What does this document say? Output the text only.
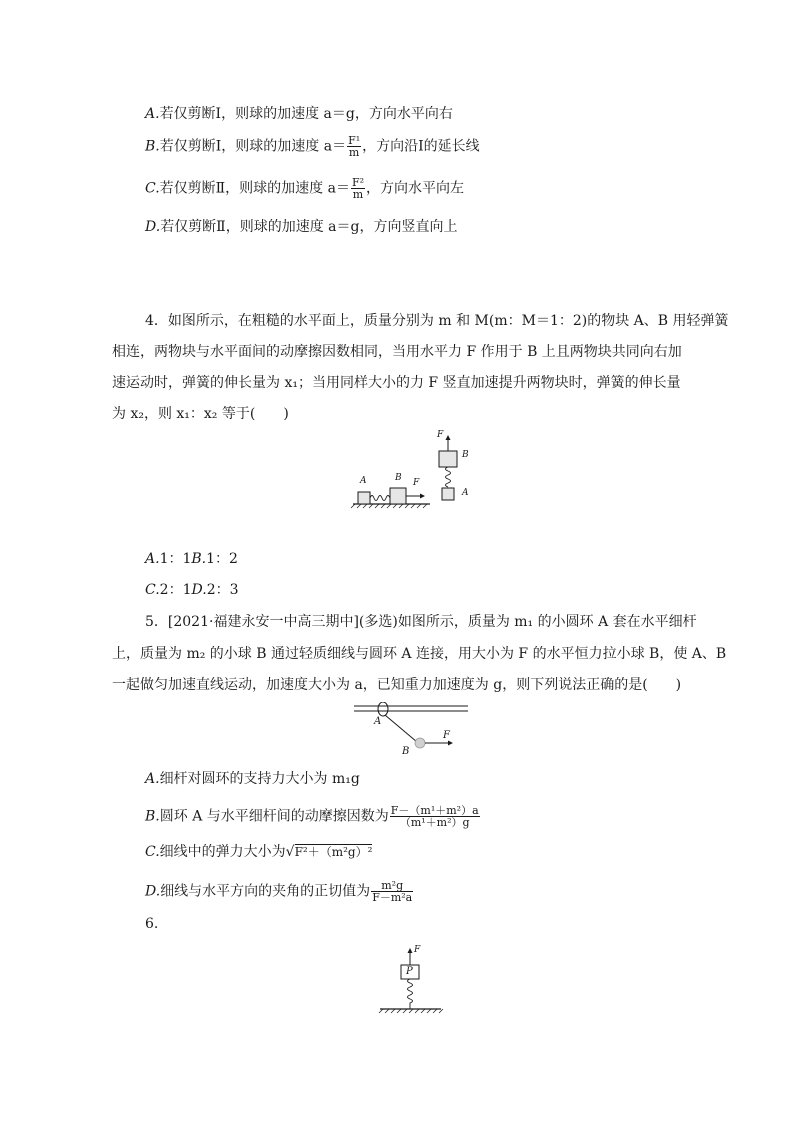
A.若仅剪断Ⅰ，则球的加速度 a＝g，方向水平向右
B.若仅剪断Ⅰ，则球的加速度 $a= \frac{\text{F¹}}{m}$ ，方向沿Ⅰ的延长线
C.若仅剪断Ⅱ，则球的加速度 $a= \frac{\text{F²}}{m}$ ，方向水平向左
D.若仅剪断Ⅱ，则球的加速度 a＝g，方向竖直向上
4．如图所示，在粗糙的水平面上，质量分别为 m 和 M(m：M＝1：2)的物块 A、B 用轻弹簧
相连，两物块与水平面间的动摩擦因数相同，当用水平力 F 作用于 B 上且两物块共同向右加
速运动时，弹簧的伸长量为 x₁；当用同样大小的力 F 竖直加速提升两物块时，弹簧的伸长量
为 x₂，则 x₁：x₂ 等于(　　)
A	B F
F
B
A
A.1：1B.1：2
C.2：1D.2：3
5．[2021·福建永安一中高三期中](多选)如图所示，质量为 m₁ 的小圆环 A 套在水平细杆
上，质量为 m₂ 的小球 B 通过轻质细线与圆环 A 连接，用大小为 F 的水平恒力拉小球 B，使 A、B
一起做匀加速直线运动，加速度大小为 a，已知重力加速度为 g，则下列说法正确的是(　　)
A
B
F
A.细杆对圆环的支持力大小为 m₁g
B.圆环 A 与水平细杆间的动摩擦因数为 $\frac{\text{F－（m¹＋m²）a}}{\text{（m¹＋m²）g}}$
C.细线中的弹力大小为√F²＋（m²g）²
D.细线与水平方向的夹角的正切值为 $\frac{\text{m²g}}{\text{F－m²a}}$
6.
F
P
